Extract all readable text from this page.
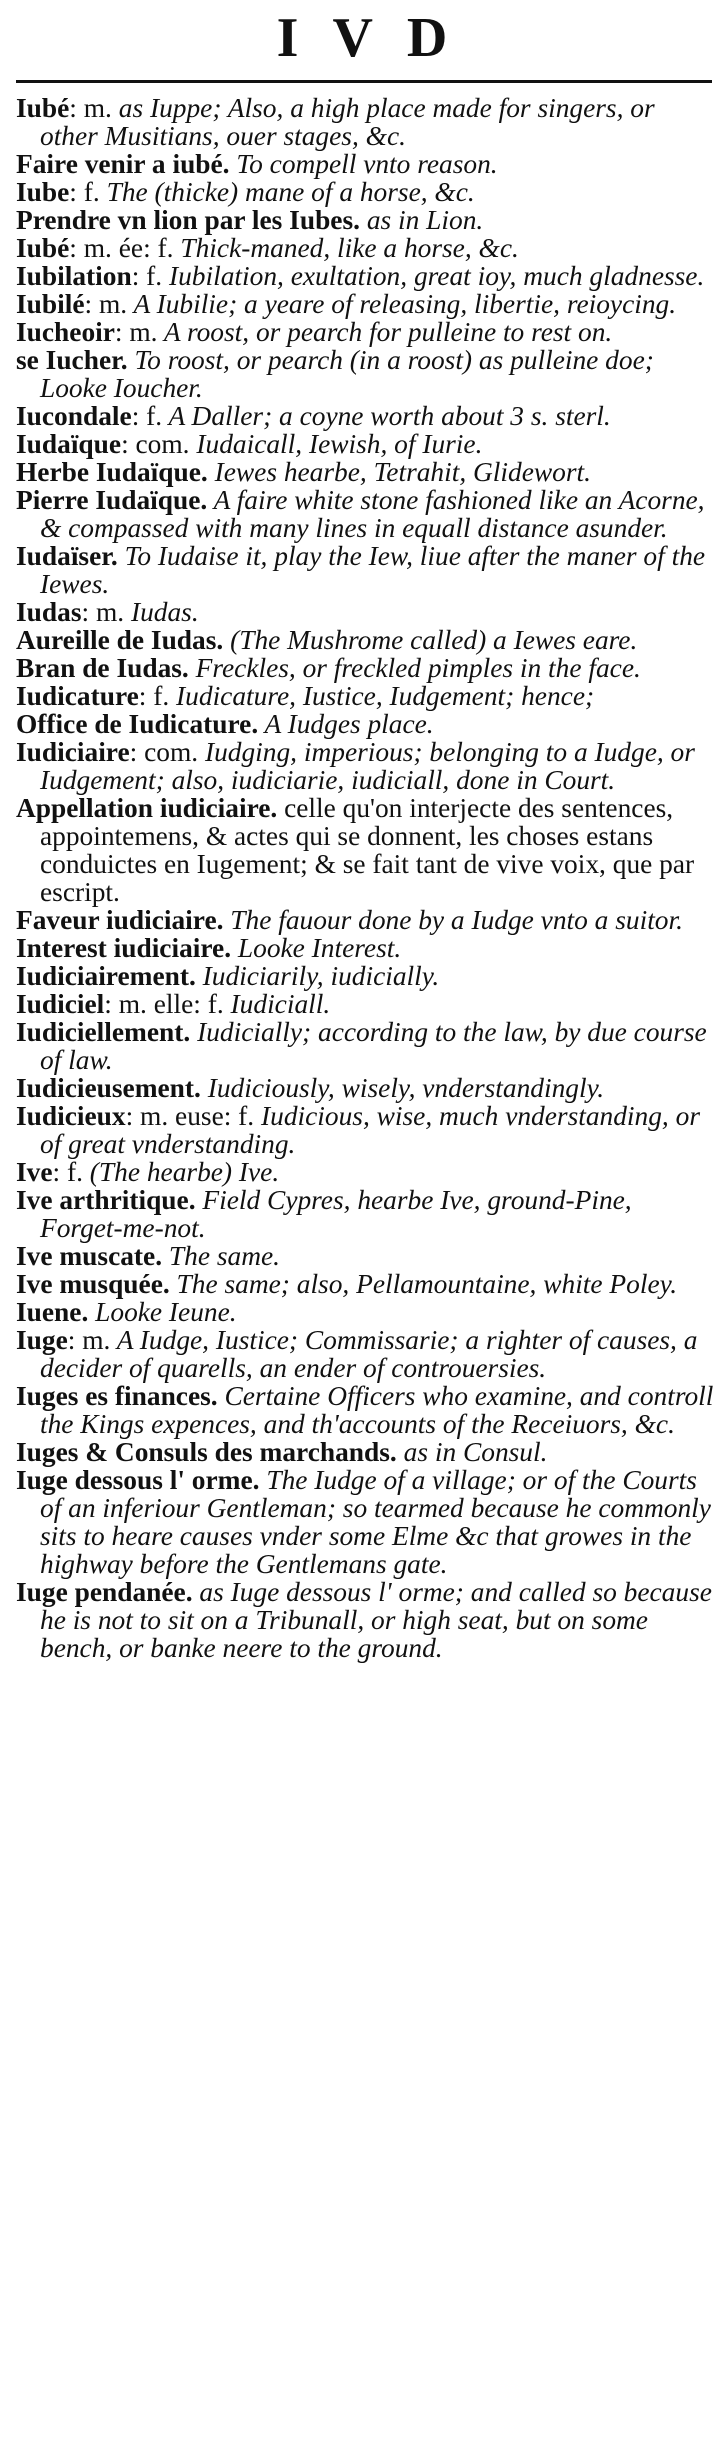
IVD

Iubé: m. as Iuppe; Also, a high place made for singers, or other Musitians, ouer stages, &c.

Faire venir a iubé. To compell vnto reason.

Iube: f. The (thicke) mane of a horse, &c.

Prendre vn lion par les Iubes. as in Lion.

Iubé: m. ée: f. Thick-maned, like a horse, &c.

Iubilation: f. Iubilation, exultation, great ioy, much gladnesse.

Iubilé: m. A Iubilie; a yeare of releasing, libertie, reioycing.

Iucheoir: m. A roost, or pearch for pulleine to rest on.

se Iucher. To roost, or pearch (in a roost) as pulleine doe; Looke Ioucher.

Iucondale: f. A Daller; a coyne worth about 3 s. sterl.

Iudaïque: com. Iudaicall, Iewish, of Iurie.

Herbe Iudaïque. Iewes hearbe, Tetrahit, Glidewort.

Pierre Iudaïque. A faire white stone fashioned like an Acorne, & compassed with many lines in equall distance asunder.

Iudaïser. To Iudaise it, play the Iew, liue after the maner of the Iewes.

Iudas: m. Iudas.

Aureille de Iudas. (The Mushrome called) a Iewes eare.

Bran de Iudas. Freckles, or freckled pimples in the face.

Iudicature: f. Iudicature, Iustice, Iudgement; hence;

Office de Iudicature. A Iudges place.

Iudiciaire: com. Iudging, imperious; belonging to a Iudge, or Iudgement; also, iudiciarie, iudiciall, done in Court.

Appellation iudiciaire. celle qu'on interjecte des sentences, appointemens, & actes qui se donnent, les choses estans conduictes en Iugement; & se fait tant de vive voix, que par escript.

Faveur iudiciaire. The fauour done by a Iudge vnto a suitor.

Interest iudiciaire. Looke Interest.

Iudiciairement. Iudiciarily, iudicially.

Iudiciel: m. elle: f. Iudiciall.

Iudiciellement. Iudicially; according to the law, by due course of law.

Iudicieusement. Iudiciously, wisely, vnderstandingly.

Iudicieux: m. euse: f. Iudicious, wise, much vnderstanding, or of great vnderstanding.

Ive: f. (The hearbe) Ive.

Ive arthritique. Field Cypres, hearbe Ive, ground-Pine, Forget-me-not.

Ive muscate. The same.

Ive musquée. The same; also, Pellamountaine, white Poley.

Iuene. Looke Ieune.

Iuge: m. A Iudge, Iustice; Commissarie; a righter of causes, a decider of quarells, an ender of controuersies.

Iuges es finances. Certaine Officers who examine, and controll the Kings expences, and th'accounts of the Receiuors, &c.

Iuges & Consuls des marchands. as in Consul.

Iuge dessous l' orme. The Iudge of a village; or of the Courts of an inferiour Gentleman; so tearmed because he commonly sits to heare causes vnder some Elme &c that growes in the highway before the Gentlemans gate.

Iuge pendanée. as Iuge dessous l' orme; and called so because he is not to sit on a Tribunall, or high seat, but on some bench, or banke neere to the ground.
